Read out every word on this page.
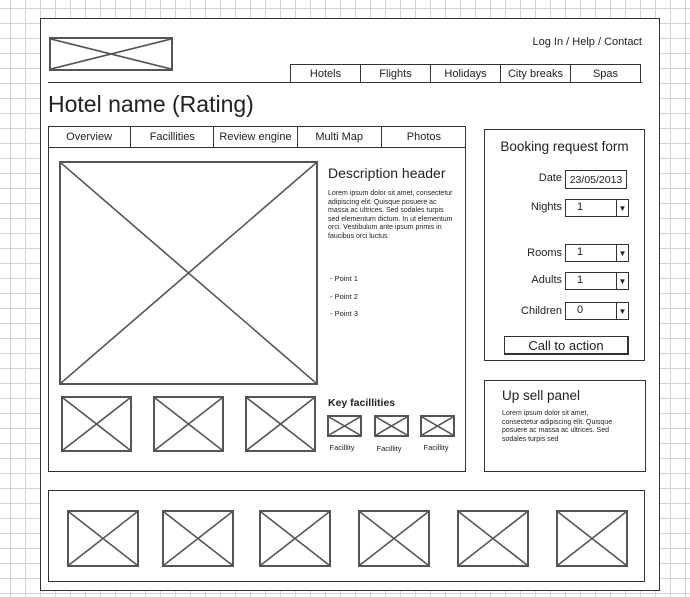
Log In / Help / Contact
Hotels	Flights	Holidays	City breaks	Spas
Hotel name (Rating)
Overview	Facillities	Review engine	Multi Map	Photos
Description header
Lorem ipsum dolor sit amet, consectetur adipiscing elit. Quisque posuere ac massa ac ultrices. Sed sodales turpis sed elementum dictum. In ut elementum orci. Vestibulum ante ipsum primis in faucibus orci luctus
- Point 1
- Point 2
- Point 3
Key facillities
Facillity	Facillity	Facillity
Booking request form
Date 23/05/2013
Nights 1	▼
Rooms 1	▼
Adults 1	▼
Children 0	▼
Call to action
Up sell panel
Lorem ipsum dolor sit amet, consectetur adipiscing elit. Quisque posuere ac massa ac ultrices. Sed sodales turpis sed
